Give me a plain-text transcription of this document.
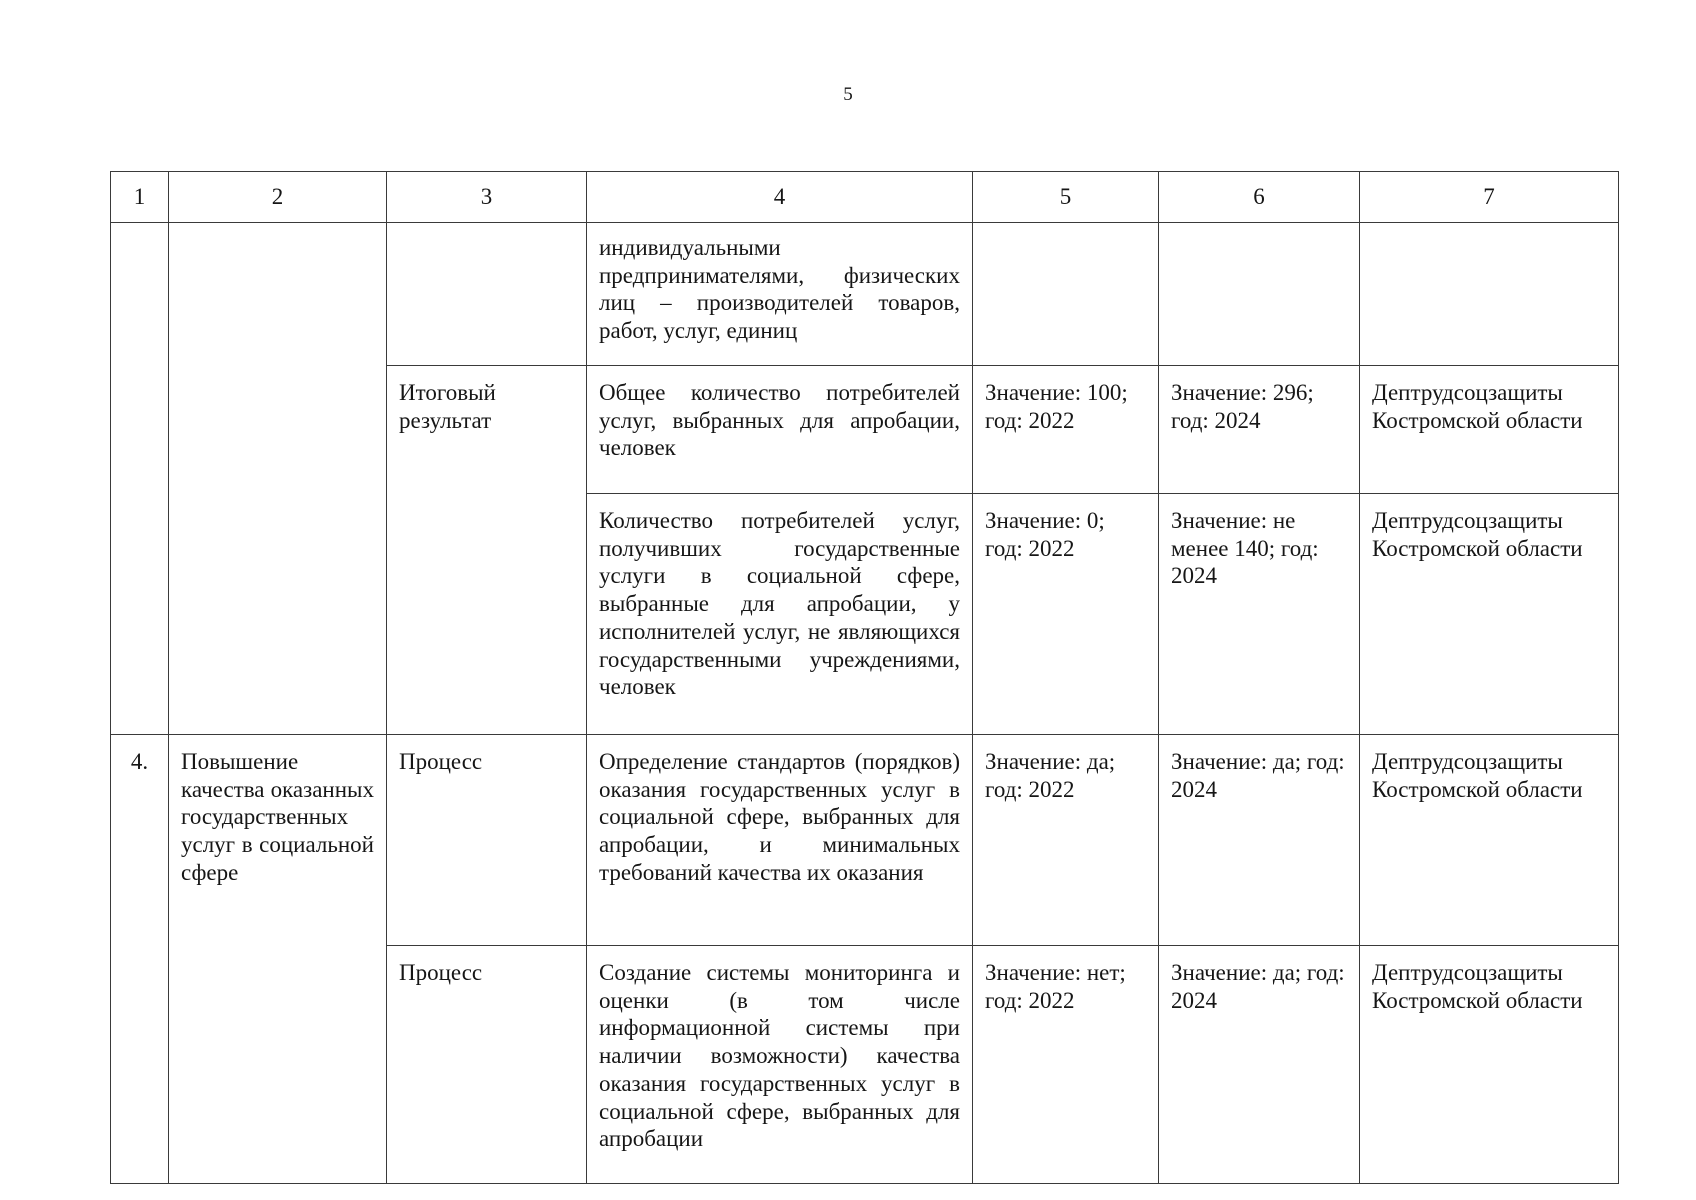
5
1	2	3	4	5	6	7
			индивидуальными предпринимателями, физических лиц – производителей товаров, работ, услуг, единиц			
		Итоговый результат	Общее количество потребителей услуг, выбранных для апробации, человек	Значение: 100; год: 2022	Значение: 296; год: 2024	Дептрудсоцзащиты Костромской области
			Количество потребителей услуг, получивших государственные услуги в социальной сфере, выбранные для апробации, у исполнителей услуг, не являющихся государственными учреждениями, человек	Значение: 0; год: 2022	Значение: не менее 140; год: 2024	Дептрудсоцзащиты Костромской области
4.	Повышение качества оказанных государственных услуг в социальной сфере	Процесс	Определение стандартов (порядков) оказания государственных услуг в социальной сфере, выбранных для апробации, и минимальных требований качества их оказания	Значение: да; год: 2022	Значение: да; год: 2024	Дептрудсоцзащиты Костромской области
		Процесс	Создание системы мониторинга и оценки (в том числе информационной системы при наличии возможности) качества оказания государственных услуг в социальной сфере, выбранных для апробации	Значение: нет; год: 2022	Значение: да; год: 2024	Дептрудсоцзащиты Костромской области
